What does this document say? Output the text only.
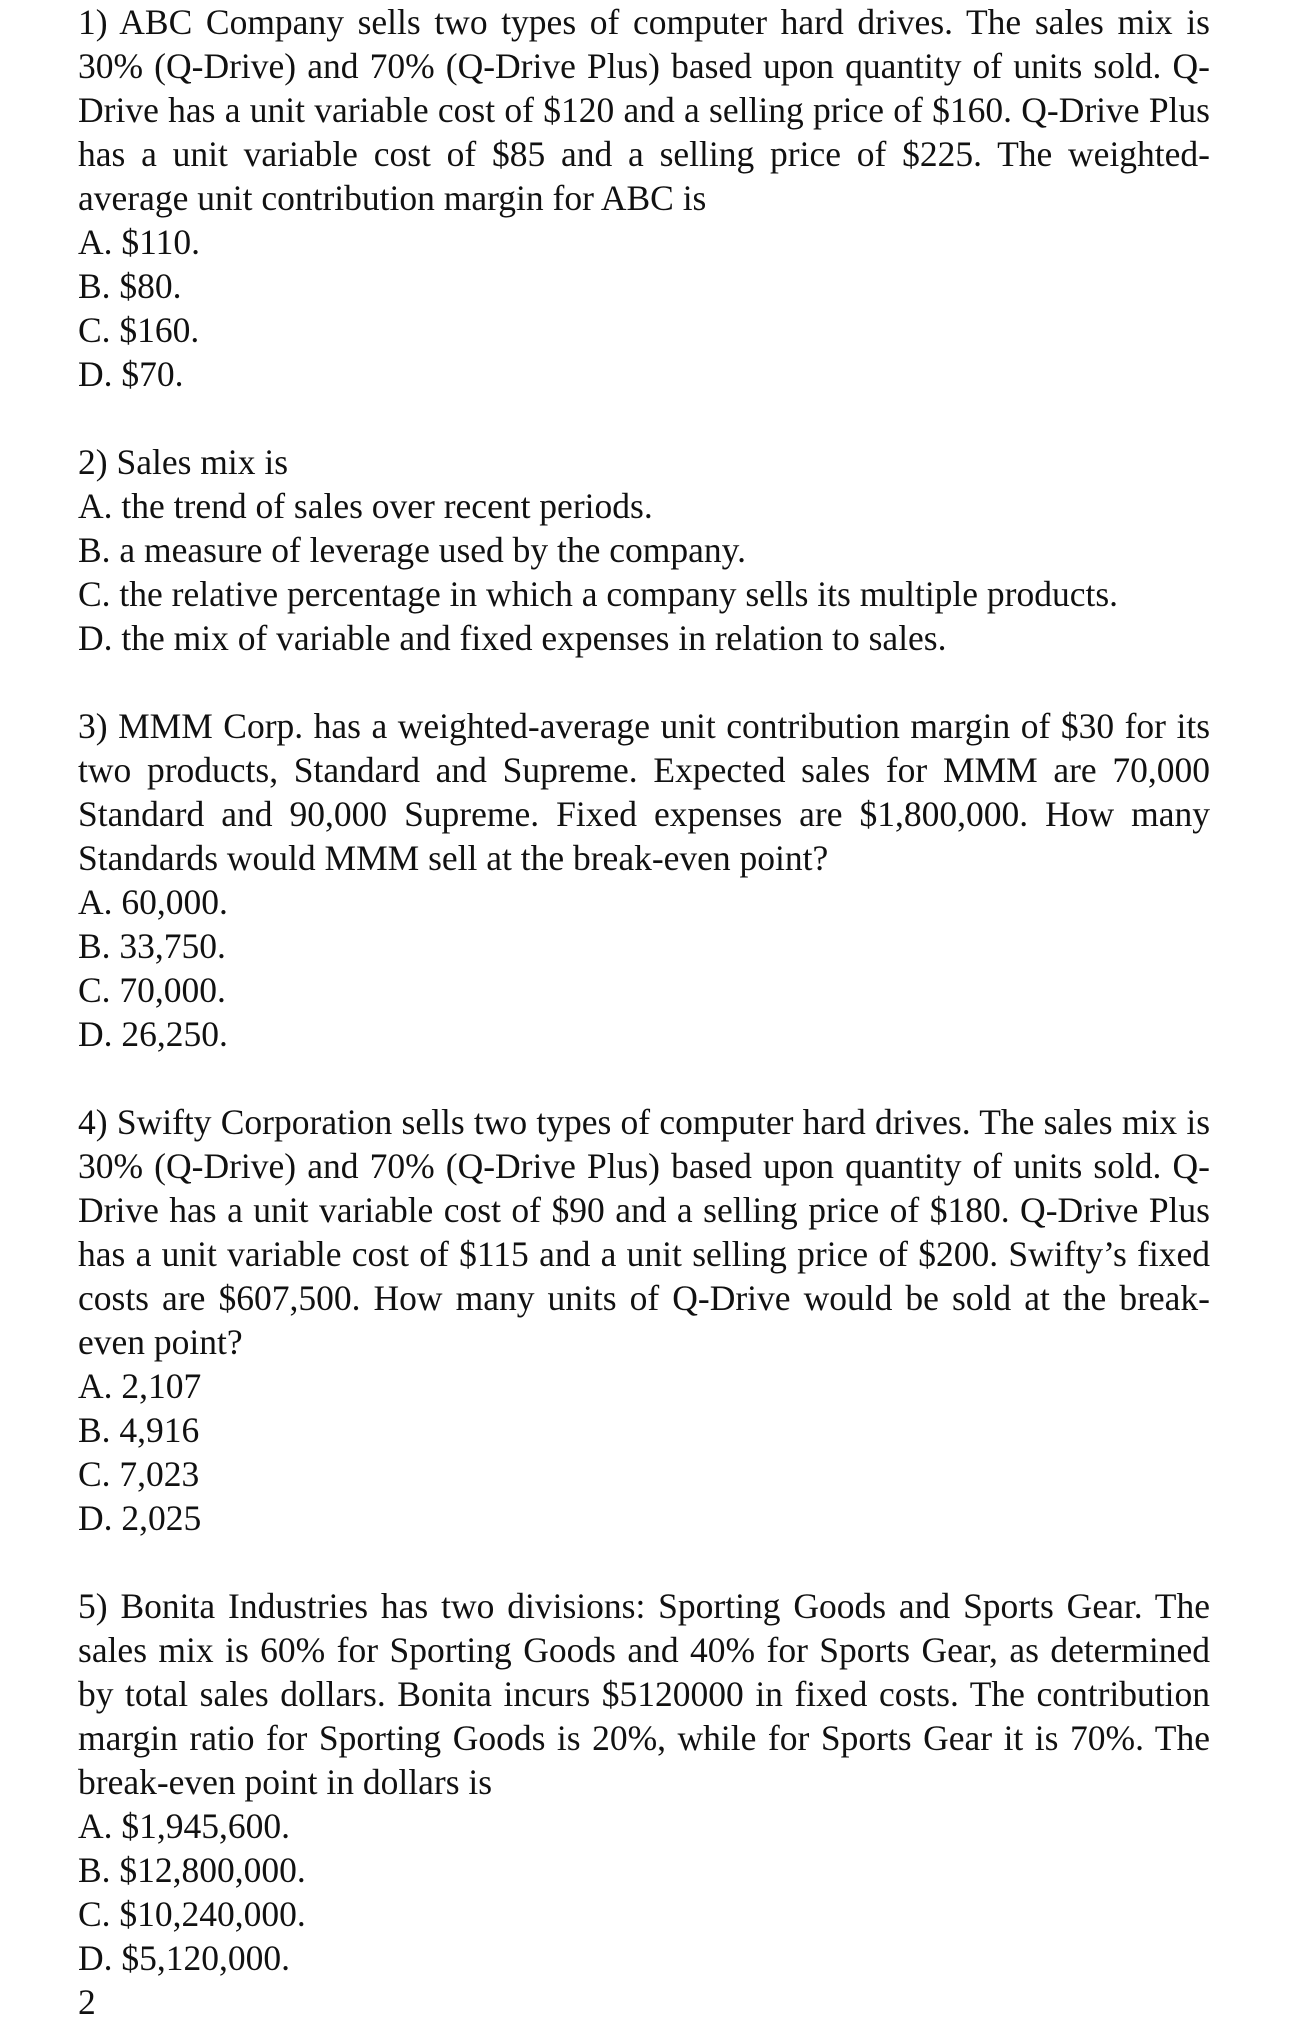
1) ABC Company sells two types of computer hard drives. The sales mix is 30% (Q-Drive) and 70% (Q-Drive Plus) based upon quantity of units sold. Q-Drive has a unit variable cost of $120 and a selling price of $160. Q-Drive Plus has a unit variable cost of $85 and a selling price of $225. The weighted-average unit contribution margin for ABC is
A. $110.
B. $80.
C. $160.
D. $70.
2) Sales mix is
A. the trend of sales over recent periods.
B. a measure of leverage used by the company.
C. the relative percentage in which a company sells its multiple products.
D. the mix of variable and fixed expenses in relation to sales.
3) MMM Corp. has a weighted-average unit contribution margin of $30 for its two products, Standard and Supreme. Expected sales for MMM are 70,000 Standard and 90,000 Supreme. Fixed expenses are $1,800,000. How many Standards would MMM sell at the break-even point?
A. 60,000.
B. 33,750.
C. 70,000.
D. 26,250.
4) Swifty Corporation sells two types of computer hard drives. The sales mix is 30% (Q-Drive) and 70% (Q-Drive Plus) based upon quantity of units sold. Q-Drive has a unit variable cost of $90 and a selling price of $180. Q-Drive Plus has a unit variable cost of $115 and a unit selling price of $200. Swifty’s fixed costs are $607,500. How many units of Q-Drive would be sold at the break-even point?
A. 2,107
B. 4,916
C. 7,023
D. 2,025
5) Bonita Industries has two divisions: Sporting Goods and Sports Gear. The sales mix is 60% for Sporting Goods and 40% for Sports Gear, as determined by total sales dollars. Bonita incurs $5120000 in fixed costs. The contribution margin ratio for Sporting Goods is 20%, while for Sports Gear it is 70%. The break-even point in dollars is
A. $1,945,600.
B. $12,800,000.
C. $10,240,000.
D. $5,120,000.
2
